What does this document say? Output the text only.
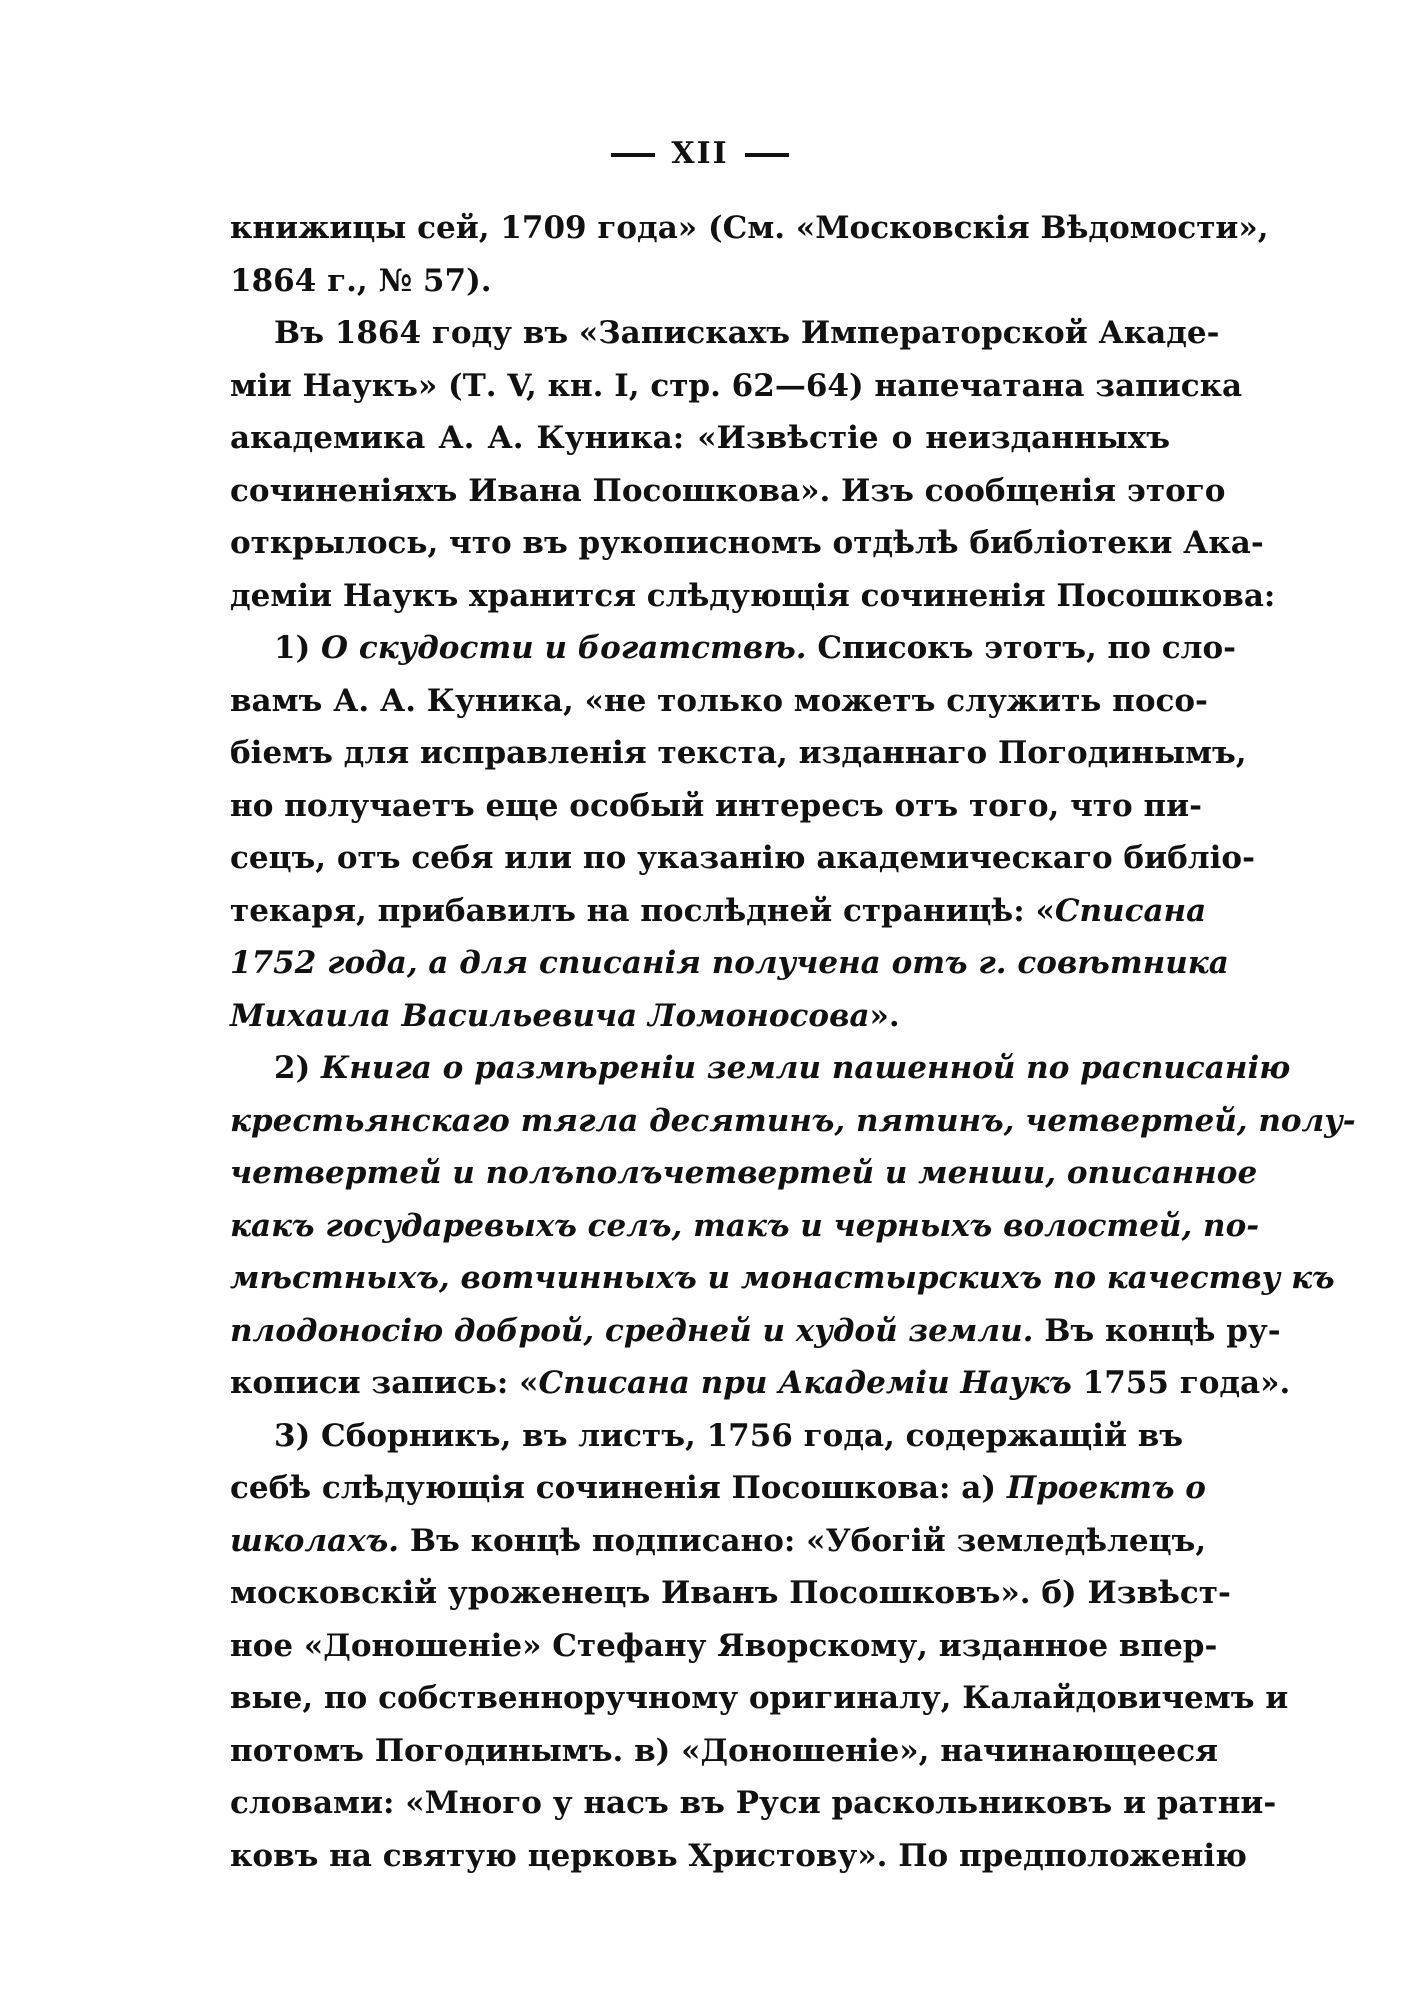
XII
книжицы сей, 1709 года» (См. «Московскія Вѣдомости»,
1864 г., № 57).
Въ 1864 году въ «Запискахъ Императорской Акаде-
міи Наукъ» (Т. V, кн. I, стр. 62—64) напечатана записка
академика А. А. Куника: «Извѣстіе о неизданныхъ
сочиненіяхъ Ивана Посошкова». Изъ сообщенія этого
открылось, что въ рукописномъ отдѣлѣ библіотеки Ака-
деміи Наукъ хранится слѣдующія сочиненія Посошкова:
1) О скудости и богатствѣ. Списокъ этотъ, по сло-
вамъ А. А. Куника, «не только можетъ служить посо-
біемъ для исправленія текста, изданнаго Погодинымъ,
но получаетъ еще особый интересъ отъ того, что пи-
сецъ, отъ себя или по указанію академическаго библіо-
текаря, прибавилъ на послѣдней страницѣ: «Списана
1752 года, а для списанія получена отъ г. совѣтника
Михаила Васильевича Ломоносова».
2) Книга о размѣреніи земли пашенной по расписанію
крестьянскаго тягла десятинъ, пятинъ, четвертей, полу-
четвертей и полъполъчетвертей и менши, описанное
какъ государевыхъ селъ, такъ и черныхъ волостей, по-
мѣстныхъ, вотчинныхъ и монастырскихъ по качеству къ
плодоносію доброй, средней и худой земли. Въ концѣ ру-
кописи запись: «Списана при Академіи Наукъ 1755 года».
3) Сборникъ, въ листъ, 1756 года, содержащій въ
себѣ слѣдующія сочиненія Посошкова: а) Проектъ о
школахъ. Въ концѣ подписано: «Убогій земледѣлецъ,
московскій уроженецъ Иванъ Посошковъ». б) Извѣст-
ное «Доношеніе» Стефану Яворскому, изданное впер-
вые, по собственноручному оригиналу, Калайдовичемъ и
потомъ Погодинымъ. в) «Доношеніе», начинающееся
словами: «Много у насъ въ Руси раскольниковъ и ратни-
ковъ на святую церковь Христову». По предположенію
